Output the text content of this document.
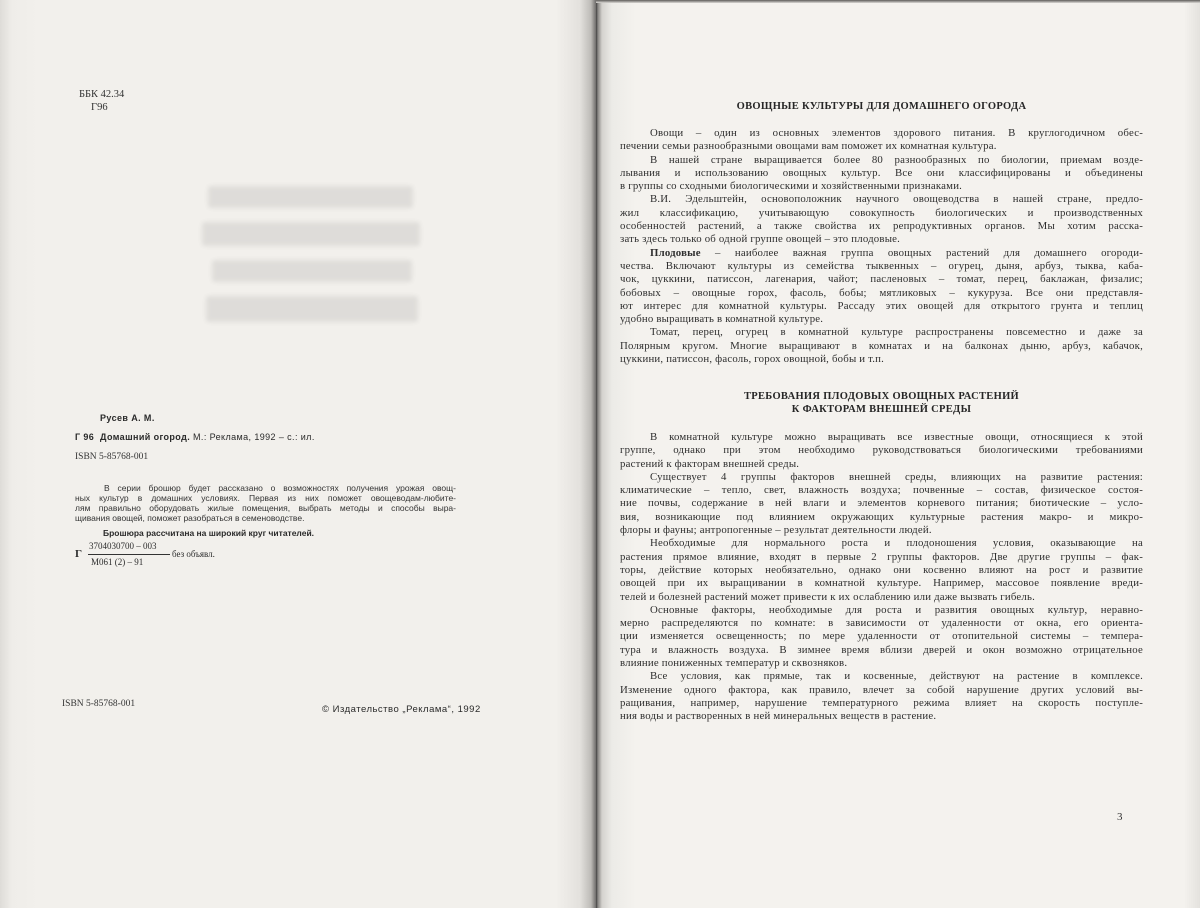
ББК 42.34
Г96
Русев А. М.
Г 96 Домашний огород. М.: Реклама, 1992 – с.: ил.
ISBN 5-85768-001
В серии брошюр будет рассказано о возможностях получения урожая овощ-
ных культур в домашних условиях. Первая из них поможет овощеводам-любите-
лям правильно оборудовать жилые помещения, выбрать методы и способы выра-
щивания овощей, поможет разобраться в семеноводстве.
Брошюра рассчитана на широкий круг читателей.
Г
3704030700 – 003
М061 (2) – 91
без объявл.
ISBN 5-85768-001	© Издательство „Реклама“, 1992
ОВОЩНЫЕ КУЛЬТУРЫ ДЛЯ ДОМАШНЕГО ОГОРОДА
Овощи – один из основных элементов здорового питания. В круглогодичном обес-
печении семьи разнообразными овощами вам поможет их комнатная культура.
В нашей стране выращивается более 80 разнообразных по биологии, приемам возде-
лывания и использованию овощных культур. Все они классифицированы и объединены
в группы со сходными биологическими и хозяйственными признаками.
В.И. Эдельштейн, основоположник научного овощеводства в нашей стране, предло-
жил классификацию, учитывающую совокупность биологических и производственных
особенностей растений, а также свойства их репродуктивных органов. Мы хотим расска-
зать здесь только об одной группе овощей – это плодовые.
Плодовые – наиболее важная группа овощных растений для домашнего огороди-
чества. Включают культуры из семейства тыквенных – огурец, дыня, арбуз, тыква, каба-
чок, цуккини, патиссон, лагенария, чайот; пасленовых – томат, перец, баклажан, физалис;
бобовых – овощные горох, фасоль, бобы; мятликовых – кукуруза. Все они представля-
ют интерес для комнатной культуры. Рассаду этих овощей для открытого грунта и теплиц
удобно выращивать в комнатной культуре.
Томат, перец, огурец в комнатной культуре распространены повсеместно и даже за
Полярным кругом. Многие выращивают в комнатах и на балконах дыню, арбуз, кабачок,
цуккини, патиссон, фасоль, горох овощной, бобы и т.п.
ТРЕБОВАНИЯ ПЛОДОВЫХ ОВОЩНЫХ РАСТЕНИЙ
К ФАКТОРАМ ВНЕШНЕЙ СРЕДЫ
В комнатной культуре можно выращивать все известные овощи, относящиеся к этой
группе, однако при этом необходимо руководствоваться биологическими требованиями
растений к факторам внешней среды.
Существует 4 группы факторов внешней среды, влияющих на развитие растения:
климатические – тепло, свет, влажность воздуха; почвенные – состав, физическое состоя-
ние почвы, содержание в ней влаги и элементов корневого питания; биотические – усло-
вия, возникающие под влиянием окружающих культурные растения макро- и микро-
флоры и фауны; антропогенные – результат деятельности людей.
Необходимые для нормального роста и плодоношения условия, оказывающие на
растения прямое влияние, входят в первые 2 группы факторов. Две другие группы – фак-
торы, действие которых необязательно, однако они косвенно влияют на рост и развитие
овощей при их выращивании в комнатной культуре. Например, массовое появление вреди-
телей и болезней растений может привести к их ослаблению или даже вызвать гибель.
Основные факторы, необходимые для роста и развития овощных культур, неравно-
мерно распределяются по комнате: в зависимости от удаленности от окна, его ориента-
ции изменяется освещенность; по мере удаленности от отопительной системы – темпера-
тура и влажность воздуха. В зимнее время вблизи дверей и окон возможно отрицательное
влияние пониженных температур и сквозняков.
Все условия, как прямые, так и косвенные, действуют на растение в комплексе.
Изменение одного фактора, как правило, влечет за собой нарушение других условий вы-
ращивания, например, нарушение температурного режима влияет на скорость поступле-
ния воды и растворенных в ней минеральных веществ в растение.
3
